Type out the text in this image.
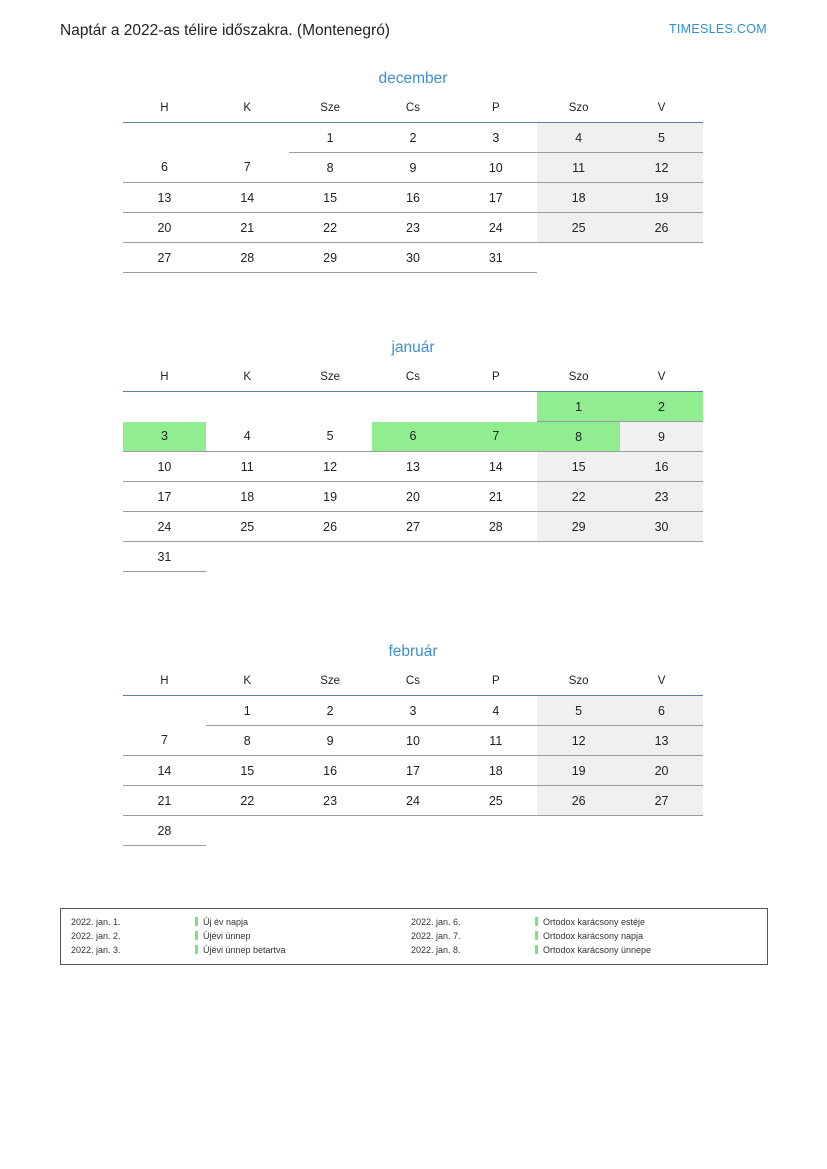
Naptár a 2022-as télire időszakra. (Montenegró)	TIMESLES.COM
december
H	K	Sze	Cs	P	Szo	V
		1	2	3	4	5
6	7	8	9	10	11	12
13	14	15	16	17	18	19
20	21	22	23	24	25	26
27	28	29	30	31		
január
H	K	Sze	Cs	P	Szo	V
					1	2
3	4	5	6	7	8	9
10	11	12	13	14	15	16
17	18	19	20	21	22	23
24	25	26	27	28	29	30
31						
február
H	K	Sze	Cs	P	Szo	V
	1	2	3	4	5	6
7	8	9	10	11	12	13
14	15	16	17	18	19	20
21	22	23	24	25	26	27
28						
2022. jan. 1.	Új év napja		2022. jan. 6.	Ortodox karácsony estéje
2022. jan. 2.	Újévi ünnep		2022. jan. 7.	Ortodox karácsony napja
2022. jan. 3.	Újévi ünnep betartva		2022. jan. 8.	Ortodox karácsony ünnepe
